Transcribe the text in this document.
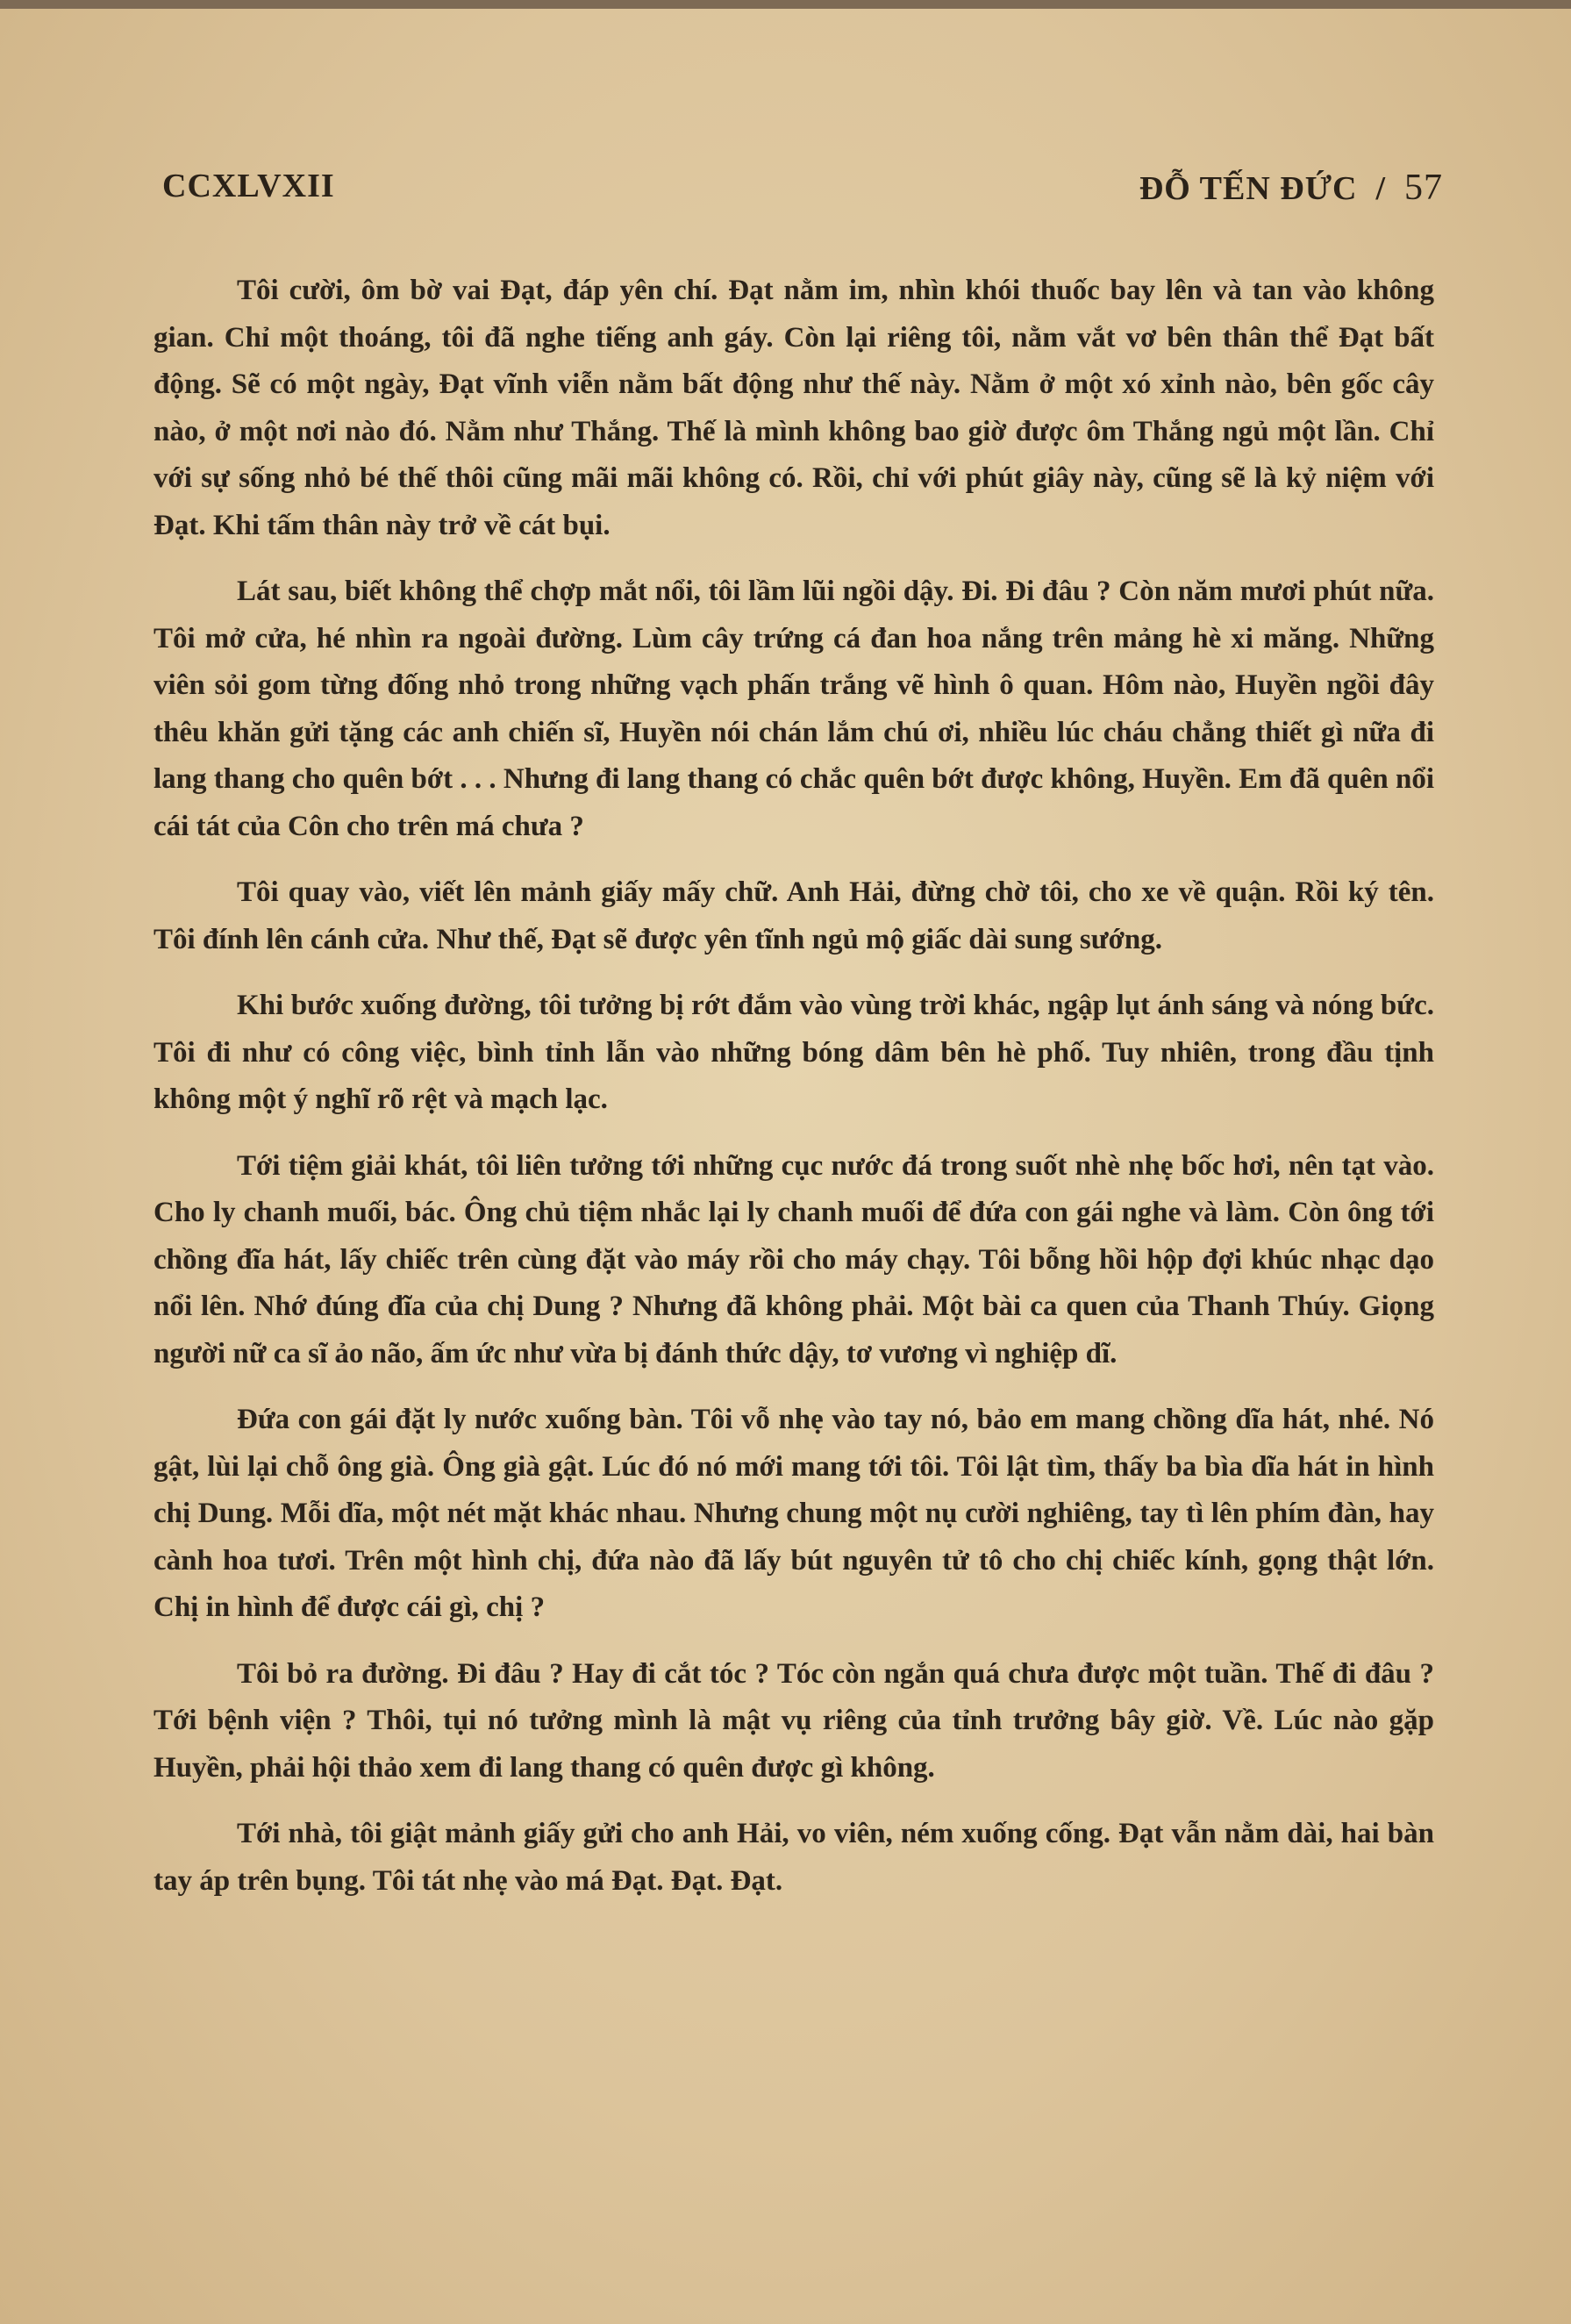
CCXLVXII	ĐỖ TẾN ĐỨC / 57

Tôi cười, ôm bờ vai Đạt, đáp yên chí. Đạt nằm im, nhìn khói thuốc bay lên và tan vào không gian. Chỉ một thoáng, tôi đã nghe tiếng anh gáy. Còn lại riêng tôi, nằm vắt vơ bên thân thể Đạt bất động. Sẽ có một ngày, Đạt vĩnh viễn nằm bất động như thế này. Nằm ở một xó xỉnh nào, bên gốc cây nào, ở một nơi nào đó. Nằm như Thắng. Thế là mình không bao giờ được ôm Thắng ngủ một lần. Chỉ với sự sống nhỏ bé thế thôi cũng mãi mãi không có. Rồi, chỉ với phút giây này, cũng sẽ là kỷ niệm với Đạt. Khi tấm thân này trở về cát bụi.

Lát sau, biết không thể chợp mắt nổi, tôi lầm lũi ngồi dậy. Đi. Đi đâu ? Còn năm mươi phút nữa. Tôi mở cửa, hé nhìn ra ngoài đường. Lùm cây trứng cá đan hoa nắng trên mảng hè xi măng. Những viên sỏi gom từng đống nhỏ trong những vạch phấn trắng vẽ hình ô quan. Hôm nào, Huyền ngồi đây thêu khăn gửi tặng các anh chiến sĩ, Huyền nói chán lắm chú ơi, nhiều lúc cháu chẳng thiết gì nữa đi lang thang cho quên bớt . . . Nhưng đi lang thang có chắc quên bớt được không, Huyền. Em đã quên nổi cái tát của Côn cho trên má chưa ?

Tôi quay vào, viết lên mảnh giấy mấy chữ. Anh Hải, đừng chờ tôi, cho xe về quận. Rồi ký tên. Tôi đính lên cánh cửa. Như thế, Đạt sẽ được yên tĩnh ngủ mộ giấc dài sung sướng.

Khi bước xuống đường, tôi tưởng bị rớt đắm vào vùng trời khác, ngập lụt ánh sáng và nóng bức. Tôi đi như có công việc, bình tỉnh lẫn vào những bóng dâm bên hè phố. Tuy nhiên, trong đầu tịnh không một ý nghĩ rõ rệt và mạch lạc.

Tới tiệm giải khát, tôi liên tưởng tới những cục nước đá trong suốt nhè nhẹ bốc hơi, nên tạt vào. Cho ly chanh muối, bác. Ông chủ tiệm nhắc lại ly chanh muối để đứa con gái nghe và làm. Còn ông tới chồng đĩa hát, lấy chiếc trên cùng đặt vào máy rồi cho máy chạy. Tôi bỗng hồi hộp đợi khúc nhạc dạo nổi lên. Nhớ đúng đĩa của chị Dung ? Nhưng đã không phải. Một bài ca quen của Thanh Thúy. Giọng người nữ ca sĩ ảo não, ấm ức như vừa bị đánh thức dậy, tơ vương vì nghiệp dĩ.

Đứa con gái đặt ly nước xuống bàn. Tôi vỗ nhẹ vào tay nó, bảo em mang chồng dĩa hát, nhé. Nó gật, lùi lại chỗ ông già. Ông già gật. Lúc đó nó mới mang tới tôi. Tôi lật tìm, thấy ba bìa dĩa hát in hình chị Dung. Mỗi dĩa, một nét mặt khác nhau. Nhưng chung một nụ cười nghiêng, tay tì lên phím đàn, hay cành hoa tươi. Trên một hình chị, đứa nào đã lấy bút nguyên tử tô cho chị chiếc kính, gọng thật lớn. Chị in hình để được cái gì, chị ?

Tôi bỏ ra đường. Đi đâu ? Hay đi cắt tóc ? Tóc còn ngắn quá chưa được một tuần. Thế đi đâu ? Tới bệnh viện ? Thôi, tụi nó tưởng mình là mật vụ riêng của tỉnh trưởng bây giờ. Về. Lúc nào gặp Huyền, phải hội thảo xem đi lang thang có quên được gì không.

Tới nhà, tôi giật mảnh giấy gửi cho anh Hải, vo viên, ném xuống cống. Đạt vẫn nằm dài, hai bàn tay áp trên bụng. Tôi tát nhẹ vào má Đạt. Đạt. Đạt.
